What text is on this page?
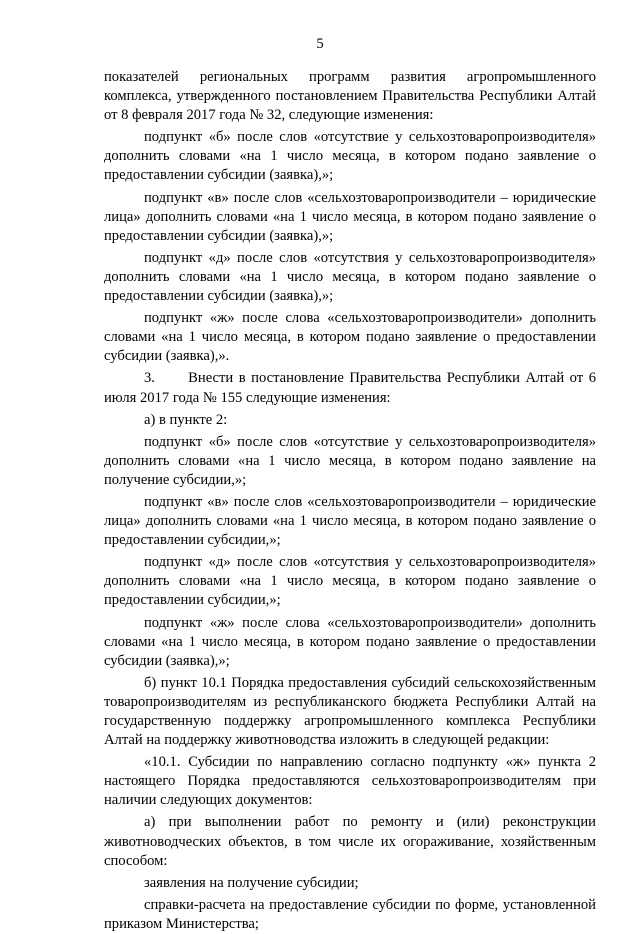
5

показателей региональных программ развития агропромышленного комплекса, утвержденного постановлением Правительства Республики Алтай от 8 февраля 2017 года № 32, следующие изменения:

подпункт «б» после слов «отсутствие у сельхозтоваропроизводителя» дополнить словами «на 1 число месяца, в котором подано заявление о предоставлении субсидии (заявка),»;

подпункт «в» после слов «сельхозтоваропроизводители – юридические лица» дополнить словами «на 1 число месяца, в котором подано заявление о предоставлении субсидии (заявка),»;

подпункт «д» после слов «отсутствия у сельхозтоваропроизводителя» дополнить словами «на 1 число месяца, в котором подано заявление о предоставлении субсидии (заявка),»;

подпункт «ж» после слова «сельхозтоваропроизводители» дополнить словами «на 1 число месяца, в котором подано заявление о предоставлении субсидии (заявка),».

3.      Внести в постановление Правительства Республики Алтай от 6 июля 2017 года № 155 следующие изменения:

а) в пункте 2:

подпункт «б» после слов «отсутствие у сельхозтоваропроизводителя» дополнить словами «на 1 число месяца, в котором подано заявление на получение субсидии,»;

подпункт «в» после слов «сельхозтоваропроизводители – юридические лица» дополнить словами «на 1 число месяца, в котором подано заявление о предоставлении субсидии,»;

подпункт «д» после слов «отсутствия у сельхозтоваропроизводителя» дополнить словами «на 1 число месяца, в котором подано заявление о предоставлении субсидии,»;

подпункт «ж» после слова «сельхозтоваропроизводители» дополнить словами «на 1 число месяца, в котором подано заявление о предоставлении субсидии (заявка),»;

б) пункт 10.1 Порядка предоставления субсидий сельскохозяйственным товаропроизводителям из республиканского бюджета Республики Алтай на государственную поддержку агропромышленного комплекса Республики Алтай на поддержку животноводства изложить в следующей редакции:

«10.1. Субсидии по направлению согласно подпункту «ж» пункта 2 настоящего Порядка предоставляются сельхозтоваропроизводителям при наличии следующих документов:

а) при выполнении работ по ремонту и (или) реконструкции животноводческих объектов, в том числе их огораживание, хозяйственным способом:

заявления на получение субсидии;

справки-расчета на предоставление субсидии по форме, установленной приказом Министерства;
